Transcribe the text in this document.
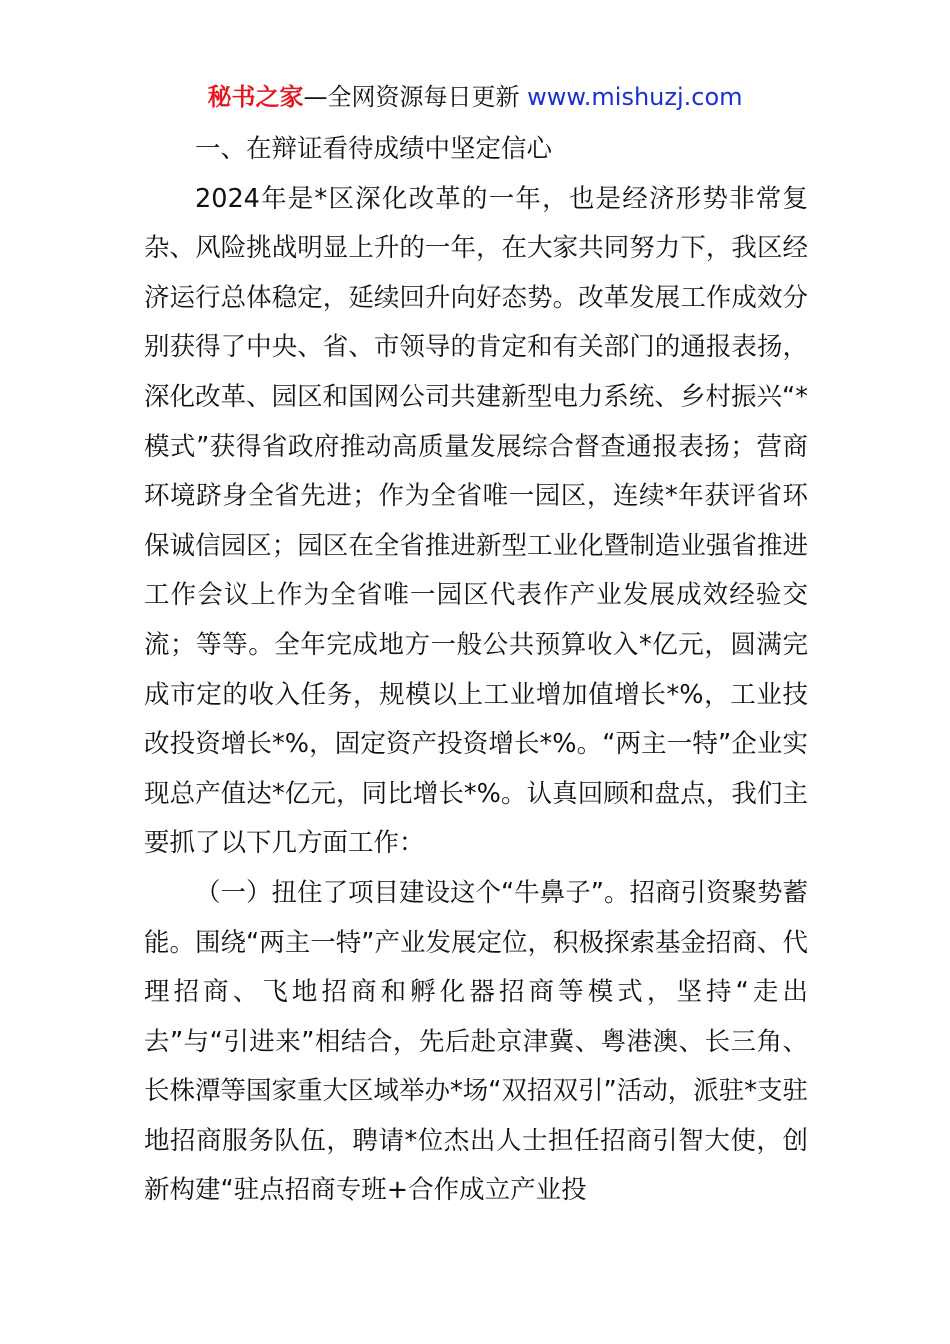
秘书之家—全网资源每日更新 www.mishuzj.com
一、在辩证看待成绩中坚定信心

2024年是*区深化改革的一年，也是经济形势非常复杂、风险挑战明显上升的一年，在大家共同努力下，我区经济运行总体稳定，延续回升向好态势。改革发展工作成效分别获得了中央、省、市领导的肯定和有关部门的通报表扬，深化改革、园区和国网公司共建新型电力系统、乡村振兴“*模式”获得省政府推动高质量发展综合督查通报表扬；营商环境跻身全省先进；作为全省唯一园区，连续*年获评省环保诚信园区；园区在全省推进新型工业化暨制造业强省推进工作会议上作为全省唯一园区代表作产业发展成效经验交流；等等。全年完成地方一般公共预算收入*亿元，圆满完成市定的收入任务，规模以上工业增加值增长*%，工业技改投资增长*%，固定资产投资增长*%。“两主一特”企业实现总产值达*亿元，同比增长*%。认真回顾和盘点，我们主要抓了以下几方面工作：

（一）扭住了项目建设这个“牛鼻子”。招商引资聚势蓄能。围绕“两主一特”产业发展定位，积极探索基金招商、代理招商、飞地招商和孵化器招商等模式，坚持“走出去”与“引进来”相结合，先后赴京津冀、粤港澳、长三角、长株潭等国家重大区域举办*场“双招双引”活动，派驻*支驻地招商服务队伍，聘请*位杰出人士担任招商引智大使，创新构建“驻点招商专班+合作成立产业投
